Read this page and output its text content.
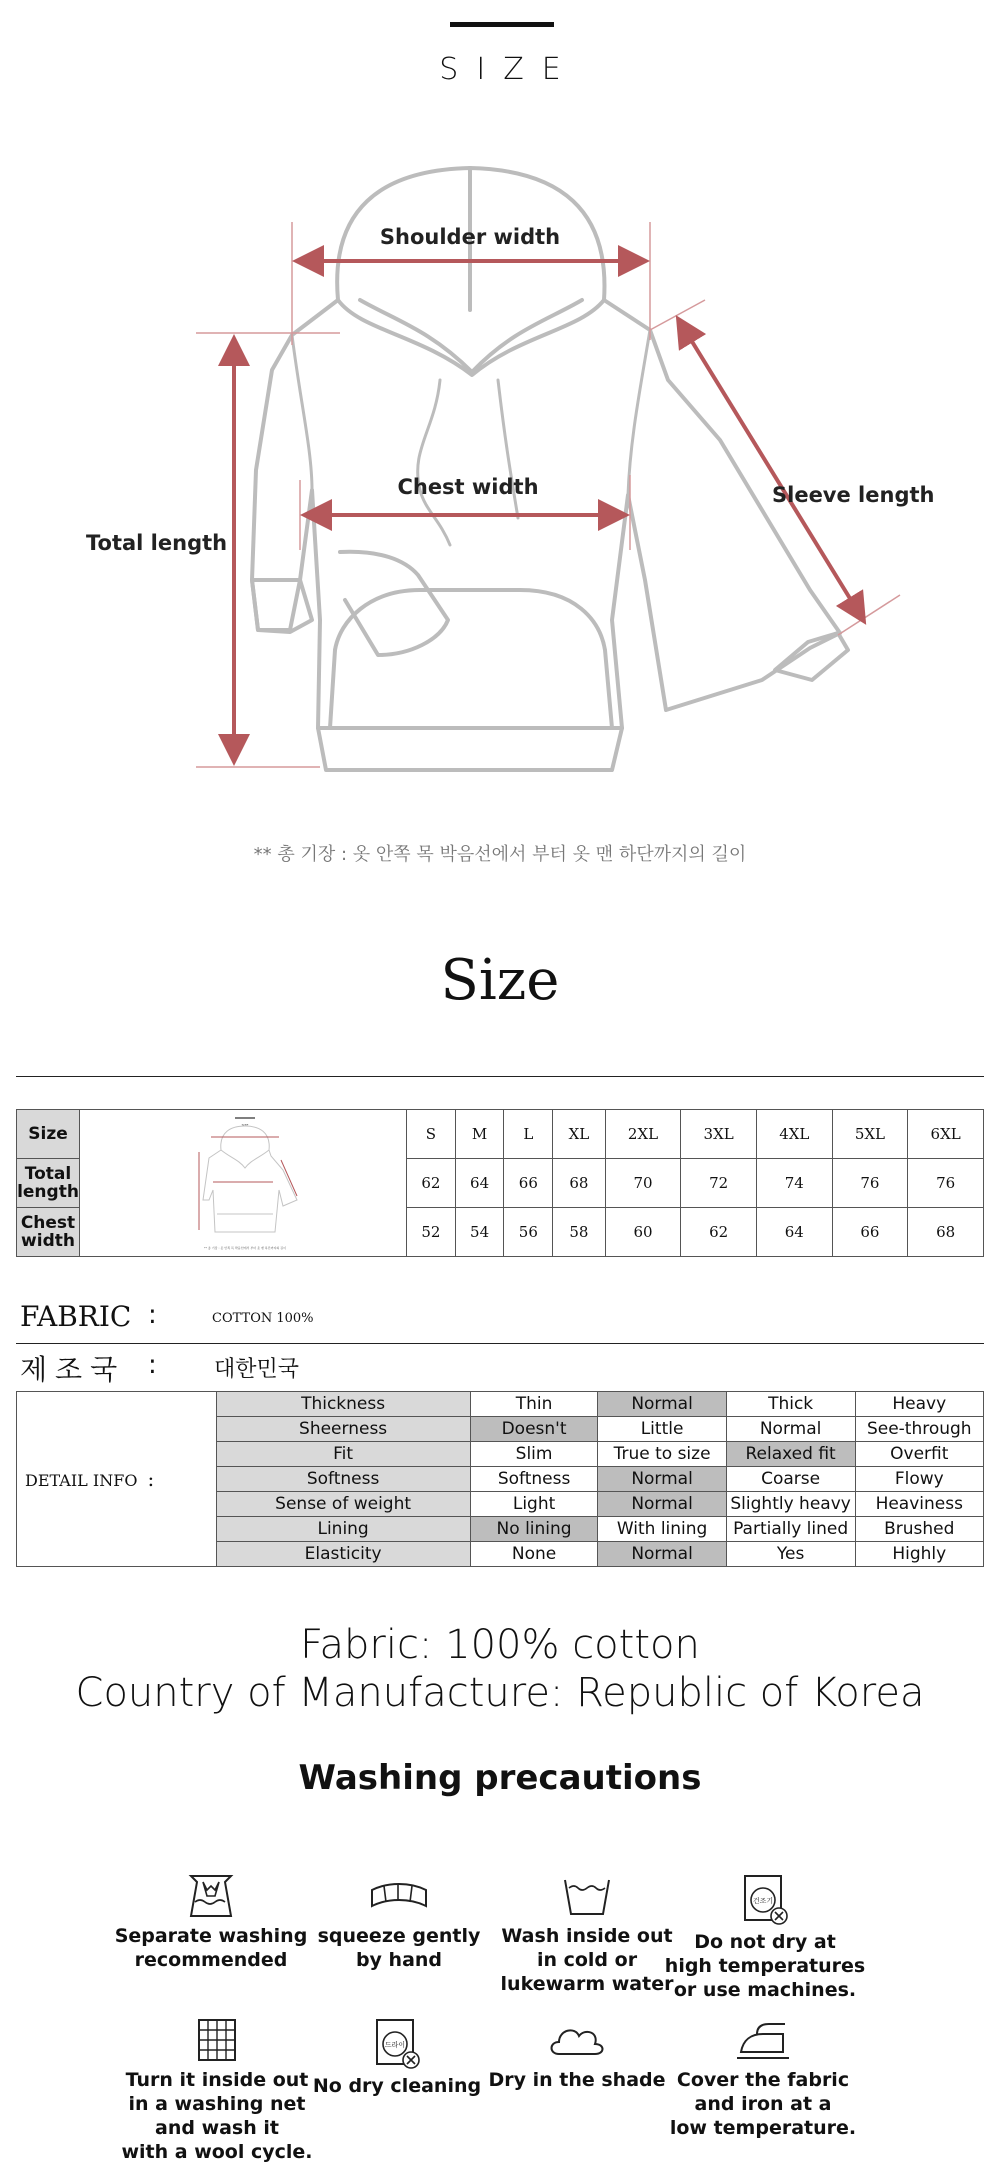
SIZE
Shoulder width
Chest width
Total length
Sleeve length
** 총 기장 : 옷 안쪽 목 박음선에서 부터 옷 맨 하단까지의 길이
Size
Size	SIZE
** 총 기장 : 옷 안쪽 목 박음선에서 부터 옷 맨 하단까지의 길이	S	M	L	XL	2XL	3XL	4XL	5XL	6XL
Total
length		62	64	66	68	70	72	74	76	76
Chest
width		52	54	56	58	60	62	64	66	68
FABRIC :	COTTON 100%
제조국 :	대한민국
DETAIL INFO :	Thickness	Thin	Normal	Thick	Heavy
	Sheerness	Doesn't	Little	Normal	See-through
	Fit	Slim	True to size	Relaxed fit	Overfit
	Softness	Softness	Normal	Coarse	Flowy
	Sense of weight	Light	Normal	Slightly heavy	Heaviness
	Lining	No lining	With lining	Partially lined	Brushed
	Elasticity	None	Normal	Yes	Highly
Fabric: 100% cotton
Country of Manufacture: Republic of Korea
Washing precautions
Separate washing
recommended
squeeze gently
by hand
Wash inside out
in cold or
lukewarm water
건조기
Do not dry at
high temperatures
or use machines.
Turn it inside out
in a washing net
and wash it
with a wool cycle.
드라이
No dry cleaning Dry in the shade Cover the fabric
and iron at a
low temperature.
